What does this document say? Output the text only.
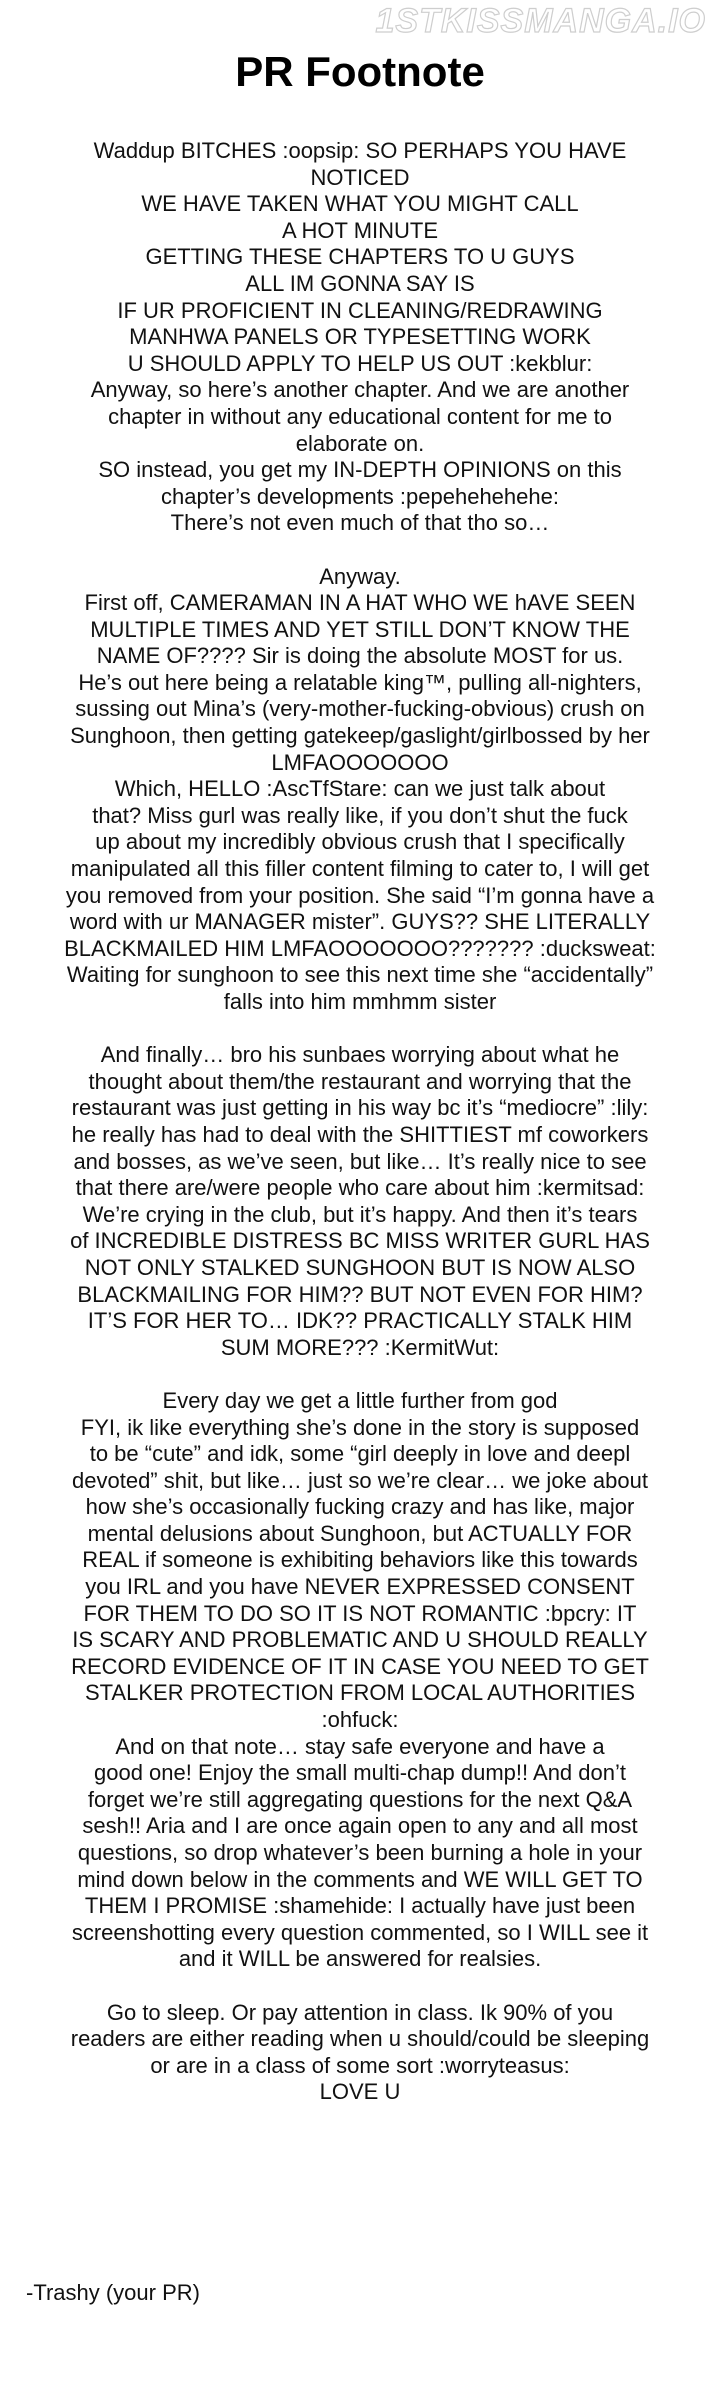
1STKISSMANGA.IO
PR Footnote
Waddup BITCHES :oopsip: SO PERHAPS YOU HAVE
NOTICED
WE HAVE TAKEN WHAT YOU MIGHT CALL
A HOT MINUTE
GETTING THESE CHAPTERS TO U GUYS
ALL IM GONNA SAY IS
IF UR PROFICIENT IN CLEANING/REDRAWING
MANHWA PANELS OR TYPESETTING WORK
U SHOULD APPLY TO HELP US OUT :kekblur:
Anyway, so here’s another chapter. And we are another
chapter in without any educational content for me to
elaborate on.
SO instead, you get my IN-DEPTH OPINIONS on this
chapter’s developments :pepehehehehe:
There’s not even much of that tho so…
Anyway.
First off, CAMERAMAN IN A HAT WHO WE hAVE SEEN
MULTIPLE TIMES AND YET STILL DON’T KNOW THE
NAME OF???? Sir is doing the absolute MOST for us.
He’s out here being a relatable king™, pulling all-nighters,
sussing out Mina’s (very-mother-fucking-obvious) crush on
Sunghoon, then getting gatekeep/gaslight/girlbossed by her
LMFAOOOOOOO
Which, HELLO :AscTfStare: can we just talk about
that? Miss gurl was really like, if you don’t shut the fuck
up about my incredibly obvious crush that I specifically
manipulated all this filler content filming to cater to, I will get
you removed from your position. She said “I’m gonna have a
word with ur MANAGER mister”. GUYS?? SHE LITERALLY
BLACKMAILED HIM LMFAOOOOOOO??????? :ducksweat:
Waiting for sunghoon to see this next time she “accidentally”
falls into him mmhmm sister
And finally… bro his sunbaes worrying about what he
thought about them/the restaurant and worrying that the
restaurant was just getting in his way bc it’s “mediocre” :lily:
he really has had to deal with the SHITTIEST mf coworkers
and bosses, as we’ve seen, but like… It’s really nice to see
that there are/were people who care about him :kermitsad:
We’re crying in the club, but it’s happy. And then it’s tears
of INCREDIBLE DISTRESS BC MISS WRITER GURL HAS
NOT ONLY STALKED SUNGHOON BUT IS NOW ALSO
BLACKMAILING FOR HIM?? BUT NOT EVEN FOR HIM?
IT’S FOR HER TO… IDK?? PRACTICALLY STALK HIM
SUM MORE??? :KermitWut:
Every day we get a little further from god
FYI, ik like everything she’s done in the story is supposed
to be “cute” and idk, some “girl deeply in love and deepl
devoted” shit, but like… just so we’re clear… we joke about
how she’s occasionally fucking crazy and has like, major
mental delusions about Sunghoon, but ACTUALLY FOR
REAL if someone is exhibiting behaviors like this towards
you IRL and you have NEVER EXPRESSED CONSENT
FOR THEM TO DO SO IT IS NOT ROMANTIC :bpcry: IT
IS SCARY AND PROBLEMATIC AND U SHOULD REALLY
RECORD EVIDENCE OF IT IN CASE YOU NEED TO GET
STALKER PROTECTION FROM LOCAL AUTHORITIES
:ohfuck:
And on that note… stay safe everyone and have a
good one! Enjoy the small multi-chap dump!! And don’t
forget we’re still aggregating questions for the next Q&A
sesh!! Aria and I are once again open to any and all most
questions, so drop whatever’s been burning a hole in your
mind down below in the comments and WE WILL GET TO
THEM I PROMISE :shamehide: I actually have just been
screenshotting every question commented, so I WILL see it
and it WILL be answered for realsies.
Go to sleep. Or pay attention in class. Ik 90% of you
readers are either reading when u should/could be sleeping
or are in a class of some sort :worryteasus:
LOVE U
-Trashy (your PR)
